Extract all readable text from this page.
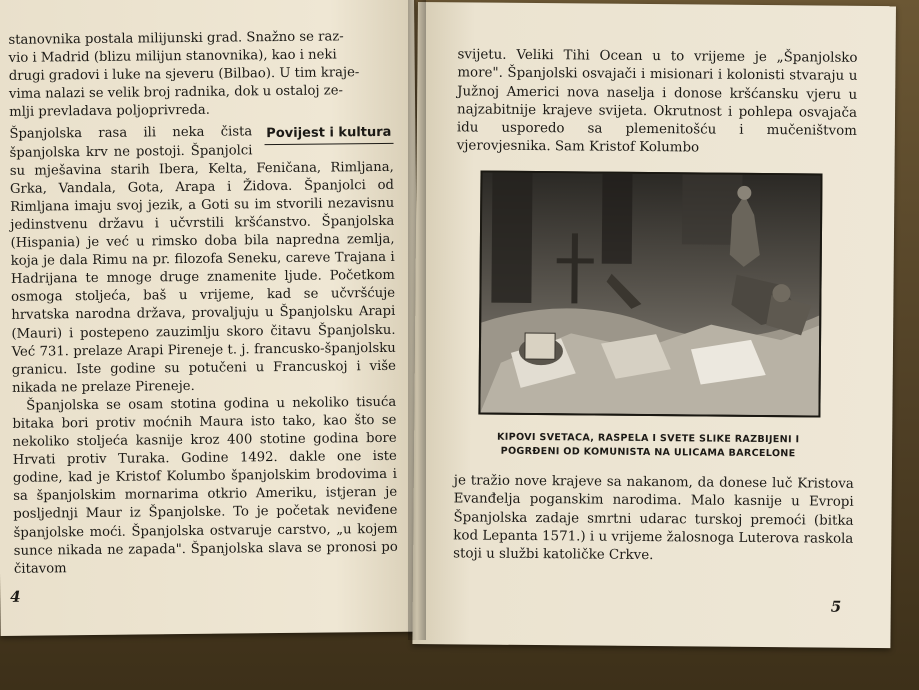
stanovnika postala milijunski grad. Snažno se raz-

vio i Madrid (blizu milijun stanovnika), kao i neki

drugi gradovi i luke na sjeveru (Bilbao). U tim kraje-

vima nalazi se velik broj radnika, dok u ostalој ze-

mlji prevladava poljoprivreda.

Povijest i kultura

Španjolska rasa ili neka čista španjolska krv ne postoji. Španjolci su mješavina starih Ibera, Kelta, Feničana, Rimljana, Grka, Vandala, Gota, Arapa i Židova. Španjolci od Rimljana imaju svoj jezik, a Goti su im stvorili nezavisnu jedinstvenu državu i učvrstili kršćanstvo. Španjolska (Hispania) je već u rimsko doba bila napredna zemlja, koja je dala Rimu na pr. filozofa Seneku, careve Trajana i Hadrijana te mnoge druge znamenite ljude. Početkom osmoga stoljeća, baš u vrijeme, kad se učvršćuje hrvatska narodna država, provaljuju u Španjolsku Arapi (Mauri) i postepeno zauzimlju skoro čitavu Španjolsku. Već 731. prelaze Arapi Pireneje t. j. francusko-španjolsku granicu. Iste godine su potučeni u Francuskoj i više nikada ne prelaze Pireneje.

Španjolska se osam stotina godina u nekoliko tisuća bitaka bori protiv moćnih Maura isto tako, kao što se nekoliko stoljeća kasnije kroz 400 stotine godina bore Hrvati protiv Turaka. Godine 1492. dakle one iste godine, kad je Kristof Kolumbo španjolskim brodovima i sa španjolskim mornarima otkrio Ameriku, istjeran je posljednji Maur iz Španjolske. To je početak neviđene španjolske moći. Španjolska ostvaruje carstvo, „u kojem sunce nikada ne zapada". Španjolska slava se pronosi po čitavom

4

svijetu. Veliki Tihi Ocean u to vrijeme je „Španjolsko more". Španjolski osvajači i misionari i kolonisti stvaraju u Južnoj Americi nova naselja i donose kršćansku vjeru u najzabitnije krajeve svijeta. Okrutnost i pohlepa osvajača idu usporedo sa plemenitošću i mučeništvom vjerovjesnika. Sam Kristof Kolumbo

KIPOVI SVETACA, RASPELA I SVETE SLIKE RAZBIJENI I
POGRĐENI OD KOMUNISTA NA ULICAMA BARCELONE

je tražio nove krajeve sa nakanom, da donese luč Kristova Evanđelja poganskim narodima. Malo kasnije u Evropi Španjolska zadaje smrtni udarac turskoj premoći (bitka kod Lepanta 1571.) i u vrijeme žalosnoga Luterova raskola stoji u službi katoličke Crkve.

5
